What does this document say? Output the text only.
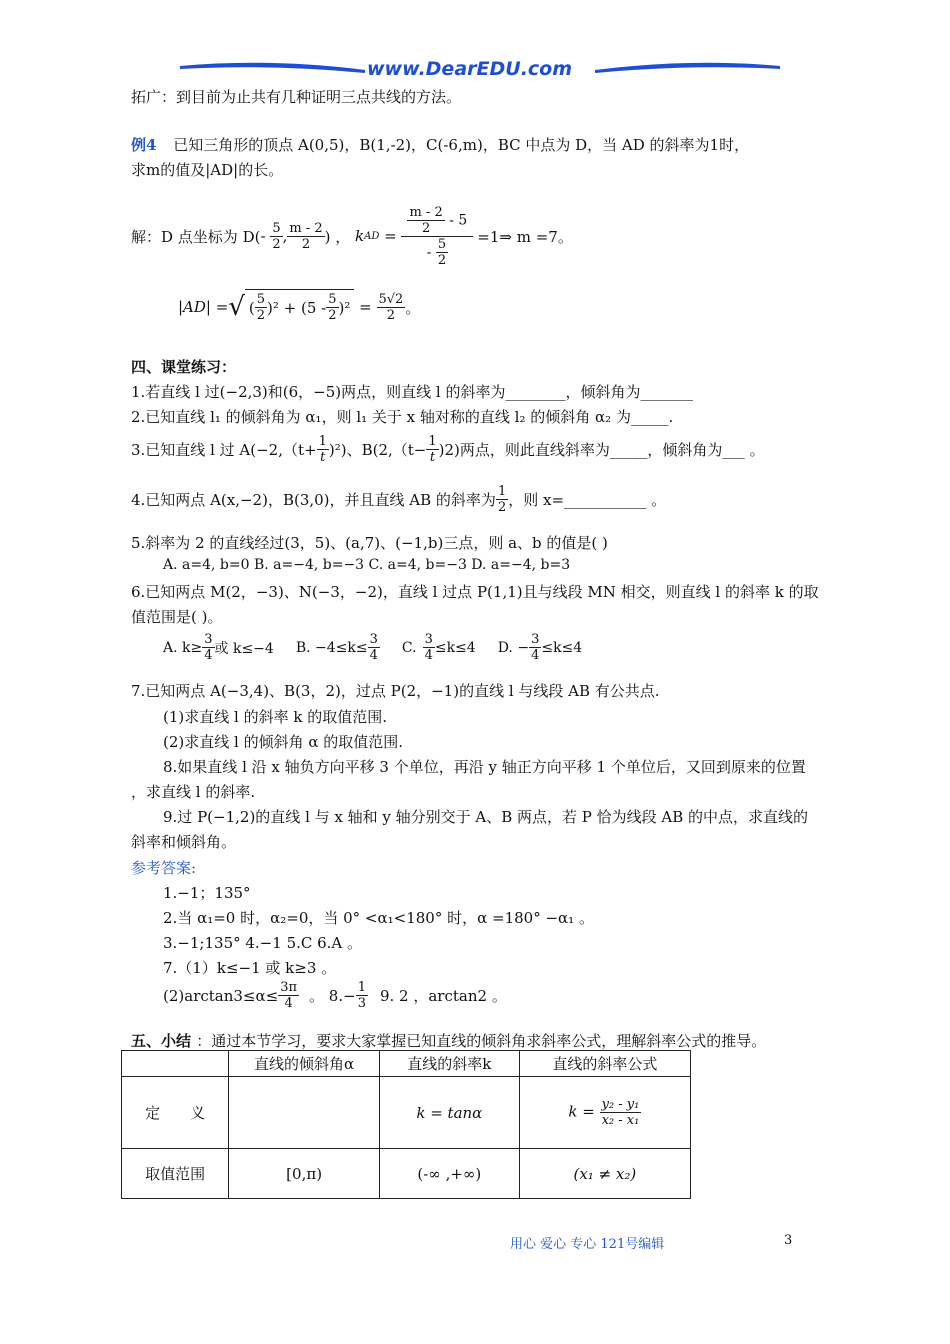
www.DearEDU.com
拓广：到目前为止共有几种证明三点共线的方法。
例4 已知三角形的顶点 A(0,5)，B(1,-2)，C(-6,m)，BC 中点为 D，当 AD 的斜率为1时，
求m的值及|AD|的长。
解： D 点坐标为 $D( - \frac{5}{2}$ , $\frac{m - 2}{2}$ ) ， k AD = $\frac{\frac{m - 2}{2} - 5}{- \frac{5}{2}}$ =1⇒ m =7。
|AD| = √ ( $\frac{5}{2} )^2 + (5 - \frac{5}{2} )^2 = \frac{5√2}{2}$ 。
四、课堂练习：
1.若直线 l 过(−2,3)和(6，−5)两点，则直线 l 的斜率为________，倾斜角为_______
2.已知直线 l₁ 的倾斜角为 α₁，则 l₁ 关于 x 轴对称的直线 l₂ 的倾斜角 α₂ 为_____.
3.已知直线 l 过 $A(-2,(t+ \frac{1}{t} )^2)$、$B(2,(t- \frac{1}{t} )2)$两点，则此直线斜率为_____，倾斜角为___ 。
4.已知两点 A(x,−2)，B(3,0)，并且直线 AB 的斜率为 $\frac{1}{2}$ ，则 x=___________ 。
5.斜率为 2 的直线经过(3，5)、(a,7)、(−1,b)三点，则 a、b 的值是( )
A. a=4, b=0 B. a=−4, b=−3 C. a=4, b=−3 D. a=−4, b=3
6.已知两点 M(2，−3)、N(−3，−2)，直线 l 过点 P(1,1)且与线段 MN 相交，则直线 l 的斜率 k 的取
值范围是( )。
A. $k\ge \frac{3}{4}$ 或 k≤−4 B. $-4\le k\le \frac{3}{4} C$. $\frac{3}{4} \le k\le 4$ D. − $\frac{3}{4} \le k\le 4$
7.已知两点 A(−3,4)、B(3，2)，过点 P(2，−1)的直线 l 与线段 AB 有公共点.
(1)求直线 l 的斜率 k 的取值范围.
(2)求直线 l 的倾斜角 α 的取值范围.
8.如果直线 l 沿 x 轴负方向平移 3 个单位，再沿 y 轴正方向平移 1 个单位后，又回到原来的位置
，求直线 l 的斜率.
9.过 P(−1,2)的直线 l 与 x 轴和 y 轴分别交于 A、B 两点，若 P 恰为线段 AB 的中点，求直线的
斜率和倾斜角。
参考答案:
1.−1；135°
2.当 α₁=0 时，α₂=0，当 0° <α₁<180° 时，α =180° −α₁ 。
3.−1;135° 4.−1 5.C 6.A 。
7.（1）k≤−1 或 k≥3 。
$(2)\arctan 3\le\alpha\le \frac{3\pi}{4}$ 。 $8.- \frac{1}{3} 9$. 2 ，arctan2 。
五、小结 ：通过本节学习，要求大家掌握已知直线的倾斜角求斜率公式，理解斜率公式的推导。
	直线的倾斜角α	直线的斜率k	直线的斜率公式
定　　义		k = tanα	$k = \frac{\text{y₂ - y₁}}{\text{x₂ - x₁}}$

取值范围	[0,π)	(-∞ ,+∞)	(x₁ ≠ x₂)
用心 爱心 专心 121号编辑	3
